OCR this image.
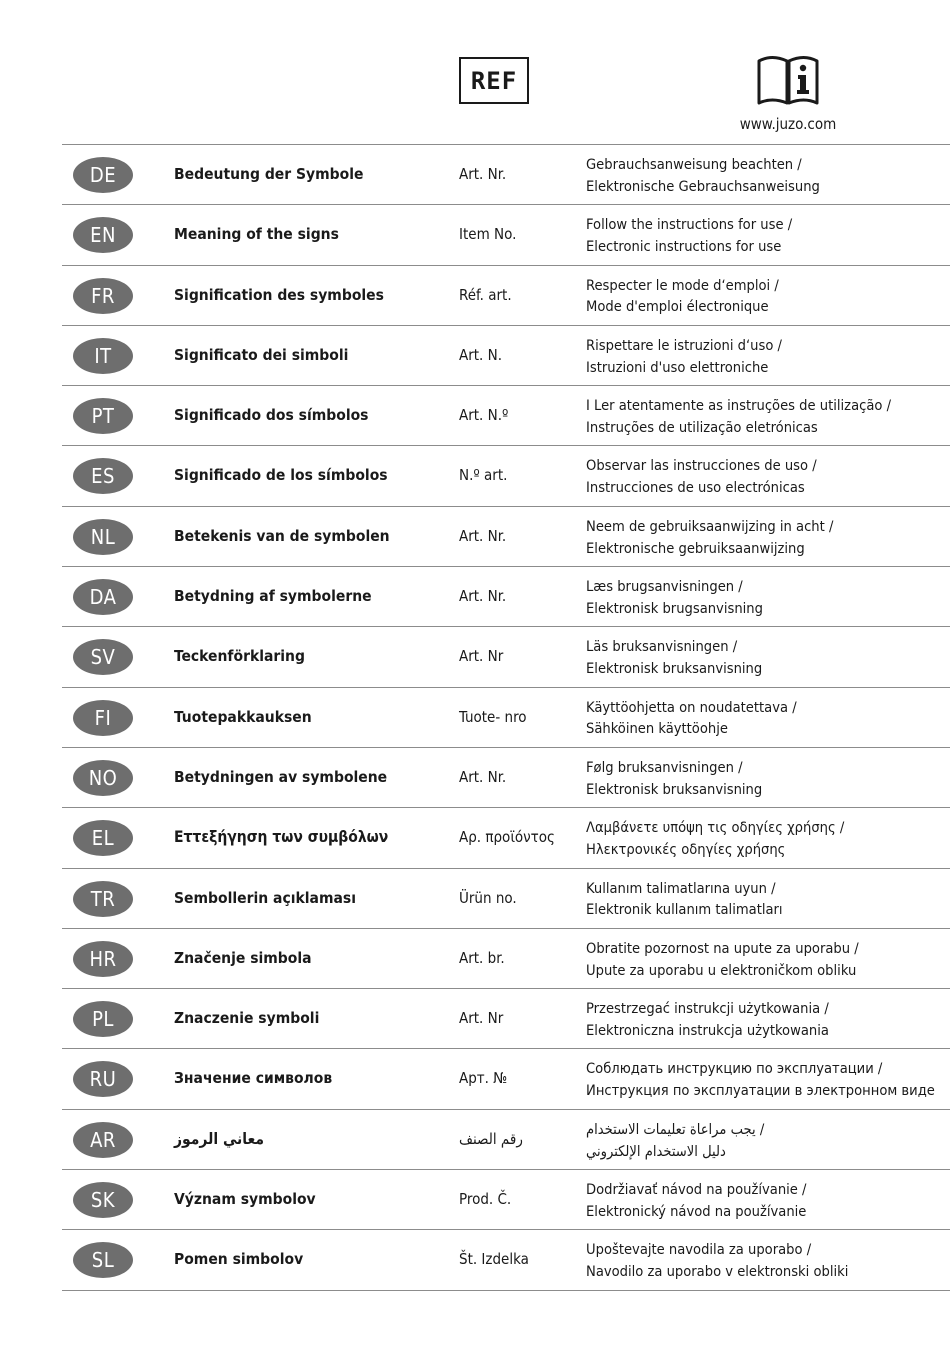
REF
www.juzo.com
DE	Bedeutung der Symbole	Art. Nr.
Gebrauchsanweisung beachten /
Elektronische Gebrauchsanweisung
EN	Meaning of the signs	Item No.
Follow the instructions for use /
Electronic instructions for use
FR	Signification des symboles	Réf. art.
Respecter le mode d‘emploi /
Mode d'emploi électronique
IT	Significato dei simboli	Art. N.
Rispettare le istruzioni d‘uso /
Istruzioni d'uso elettroniche
PT	Significado dos símbolos	Art. N.º
I Ler atentamente as instruções de utilização /
Instruções de utilização eletrónicas
ES	Significado de los símbolos	N.º art.
Observar las instrucciones de uso /
Instrucciones de uso electrónicas
NL	Betekenis van de symbolen	Art. Nr.
Neem de gebruiksaanwijzing in acht /
Elektronische gebruiksaanwijzing
DA	Betydning af symbolerne	Art. Nr.
Læs brugsanvisningen /
Elektronisk brugsanvisning
SV	Teckenförklaring	Art. Nr
Läs bruksanvisningen /
Elektronisk bruksanvisning
FI	Tuotepakkauksen	Tuote- nro
Käyttöohjetta on noudatettava /
Sähköinen käyttöohje
NO	Betydningen av symbolene	Art. Nr.
Følg bruksanvisningen /
Elektronisk bruksanvisning
EL	Εττεξήγηση των συμβόλων	Αρ. προϊόντος
Λαμβάνετε υπόψη τις οδηγίες χρήσης /
Ηλεκτρονικές οδηγίες χρήσης
TR	Sembollerin açıklaması	Ürün no.
Kullanım talimatlarına uyun /
Elektronik kullanım talimatları
HR	Značenje simbola	Art. br.
Obratite pozornost na upute za uporabu /
Upute za uporabu u elektroničkom obliku
PL	Znaczenie symboli	Art. Nr
Przestrzegać instrukcji użytkowania /
Elektroniczna instrukcja użytkowania
RU	Значение символов	Арт. №
Соблюдать инструкцию по эксплуатации /
Инструкция по эксплуатации в электронном виде
AR	معاني الرموز	رقم الصنف
يجب مراعاة تعليمات الاستخدام /
دليل الاستخدام الإلكتروني
SK	Význam symbolov	Prod. Č.
Dodržiavať návod na používanie /
Elektronický návod na používanie
SL	Pomen simbolov	Št. Izdelka
Upoštevajte navodila za uporabo /
Navodilo za uporabo v elektronski obliki
